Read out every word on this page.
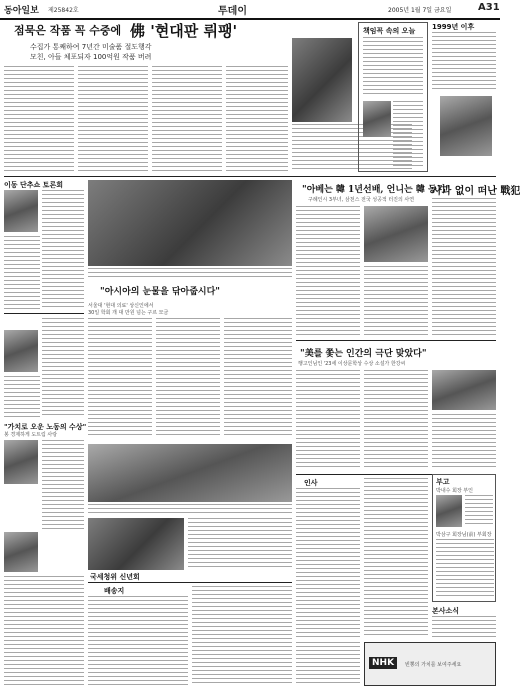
동아일보 제25842호	투데이	2005년 1월 7일 금요일	A31
점묵은 작품 꼭 수중에 佛 '현대판 뤼팽'
수집가 통째하여 7년간 미술품 절도행각
모친, 아들 체포되자 100억원 작품 버려
책임꼭 속의 오늘 1999년 이후
이동 단추쇼 토론회
"가치로 오운 노동의 수상"
봉 경제하게 도트림 사랑
"아시아의 눈물을 닦아줍시다"
서울대 '현대 의료' 상신인에서
30일 학회 개 대 만원 넘는 구르 모금
국세청위 신년회
배송지
"아베는 韓 1년선배, 언니는 韓 동기"
구례인시 3부녀, 삼천스 전국 성공적 터진의 사연
"美를 쫓는 인간의 극단 맞았다"
행고인님인 '23세 이상문학상 수상 소설가 한강씨
인사
본사소식
NHK	빈뽕의 가치를 보여주세요
사과 없이 떠난 戰犯
부고
박내수 회장 부인
박삼구 회장님(前) 부회장
